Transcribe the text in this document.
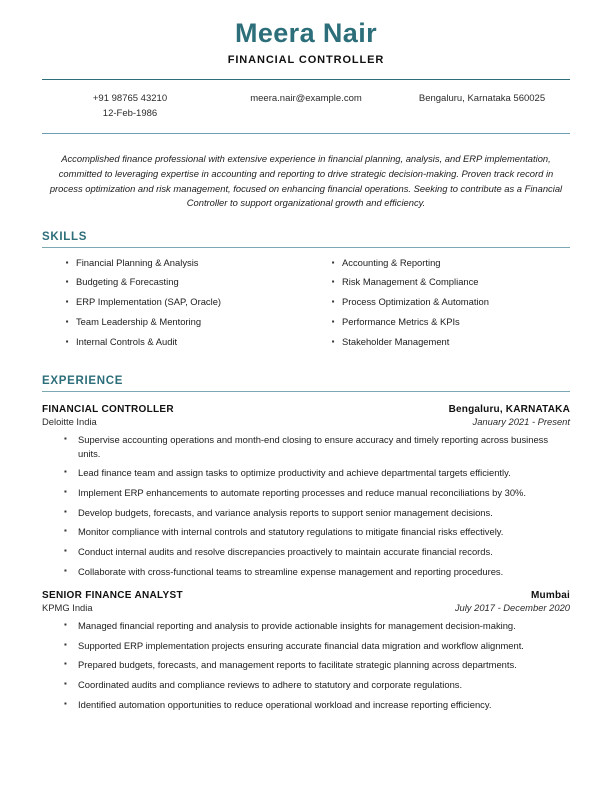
Meera Nair
FINANCIAL CONTROLLER
+91 98765 43210
12-Feb-1986
meera.nair@example.com	Bengaluru, Karnataka 560025
Accomplished finance professional with extensive experience in financial planning, analysis, and ERP implementation, committed to leveraging expertise in accounting and reporting to drive strategic decision-making. Proven track record in process optimization and risk management, focused on enhancing financial operations. Seeking to contribute as a Financial Controller to support organizational growth and efficiency.
SKILLS
▪ Financial Planning & Analysis
▪ Budgeting & Forecasting
▪ ERP Implementation (SAP, Oracle)
▪ Team Leadership & Mentoring
▪ Internal Controls & Audit
▪ Accounting & Reporting
▪ Risk Management & Compliance
▪ Process Optimization & Automation
▪ Performance Metrics & KPIs
▪ Stakeholder Management
EXPERIENCE
FINANCIAL CONTROLLER	Bengaluru, KARNATAKA
Deloitte India	January 2021 - Present
▪	Supervise accounting operations and month-end closing to ensure accuracy and timely reporting across business units.
▪	Lead finance team and assign tasks to optimize productivity and achieve departmental targets efficiently.
▪	Implement ERP enhancements to automate reporting processes and reduce manual reconciliations by 30%.
▪	Develop budgets, forecasts, and variance analysis reports to support senior management decisions.
▪	Monitor compliance with internal controls and statutory regulations to mitigate financial risks effectively.
▪	Conduct internal audits and resolve discrepancies proactively to maintain accurate financial records.
▪	Collaborate with cross-functional teams to streamline expense management and reporting procedures.
SENIOR FINANCE ANALYST	Mumbai
KPMG India	July 2017 - December 2020
▪	Managed financial reporting and analysis to provide actionable insights for management decision-making.
▪	Supported ERP implementation projects ensuring accurate financial data migration and workflow alignment.
▪	Prepared budgets, forecasts, and management reports to facilitate strategic planning across departments.
▪	Coordinated audits and compliance reviews to adhere to statutory and corporate regulations.
▪	Identified automation opportunities to reduce operational workload and increase reporting efficiency.
